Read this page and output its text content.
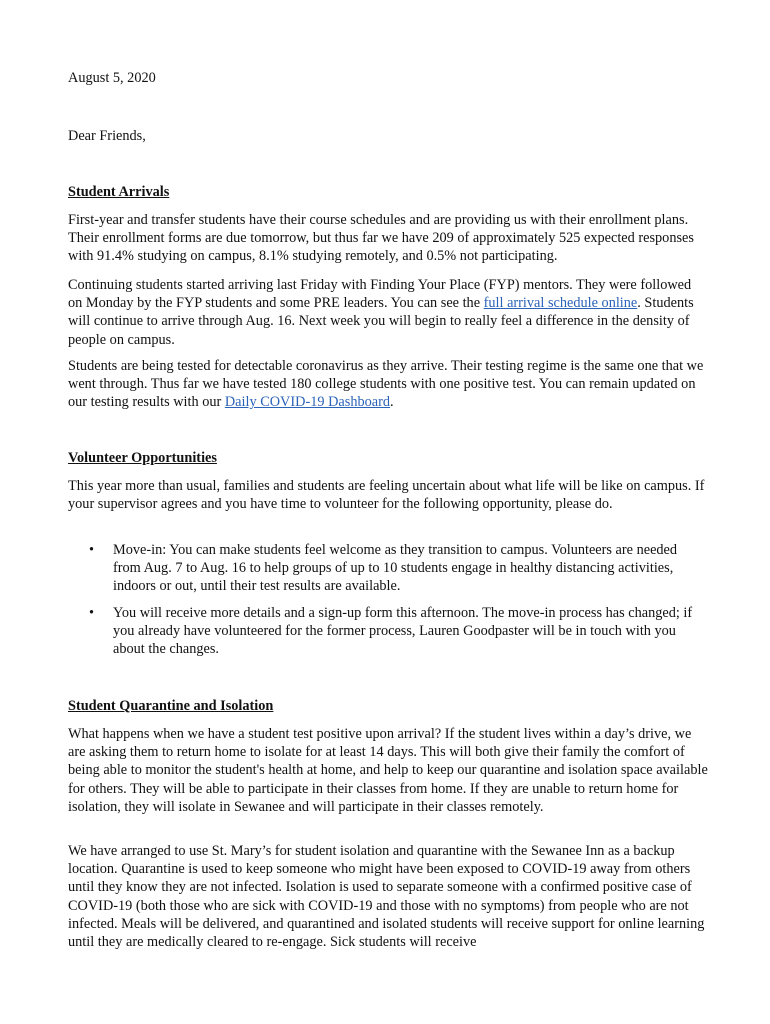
August 5, 2020

Dear Friends,

Student Arrivals

First-year and transfer students have their course schedules and are providing us with their enrollment plans. Their enrollment forms are due tomorrow, but thus far we have 209 of approximately 525 expected responses with 91.4% studying on campus, 8.1% studying remotely, and 0.5% not participating.

Continuing students started arriving last Friday with Finding Your Place (FYP) mentors. They were followed on Monday by the FYP students and some PRE leaders. You can see the full arrival schedule online. Students will continue to arrive through Aug. 16. Next week you will begin to really feel a difference in the density of people on campus.

Students are being tested for detectable coronavirus as they arrive. Their testing regime is the same one that we went through. Thus far we have tested 180 college students with one positive test. You can remain updated on our testing results with our Daily COVID-19 Dashboard.

Volunteer Opportunities

This year more than usual, families and students are feeling uncertain about what life will be like on campus. If your supervisor agrees and you have time to volunteer for the following opportunity, please do.

•	Move-in: You can make students feel welcome as they transition to campus. Volunteers are needed from Aug. 7 to Aug. 16 to help groups of up to 10 students engage in healthy distancing activities, indoors or out, until their test results are available.

•	You will receive more details and a sign-up form this afternoon. The move-in process has changed; if you already have volunteered for the former process, Lauren Goodpaster will be in touch with you about the changes.

Student Quarantine and Isolation

What happens when we have a student test positive upon arrival? If the student lives within a day’s drive, we are asking them to return home to isolate for at least 14 days. This will both give their family the comfort of being able to monitor the student's health at home, and help to keep our quarantine and isolation space available for others. They will be able to participate in their classes from home. If they are unable to return home for isolation, they will isolate in Sewanee and will participate in their classes remotely.

We have arranged to use St. Mary’s for student isolation and quarantine with the Sewanee Inn as a backup location. Quarantine is used to keep someone who might have been exposed to COVID-19 away from others until they know they are not infected. Isolation is used to separate someone with a confirmed positive case of COVID-19 (both those who are sick with COVID-19 and those with no symptoms) from people who are not infected. Meals will be delivered, and quarantined and isolated students will receive support for online learning until they are medically cleared to re-engage. Sick students will receive
